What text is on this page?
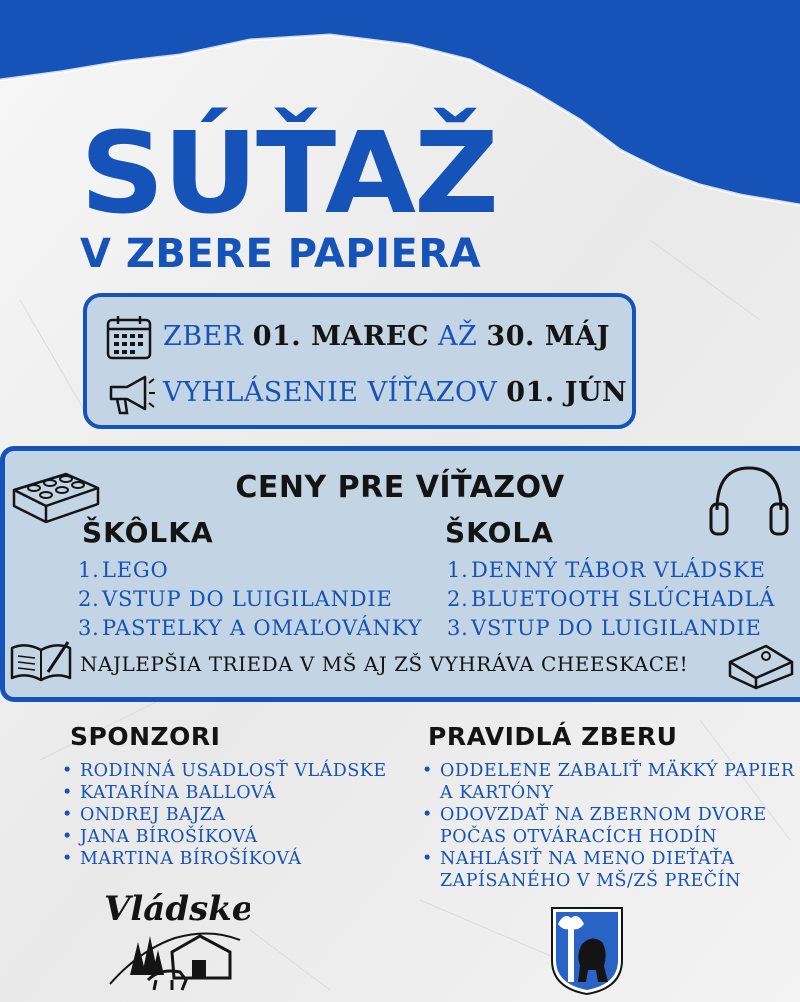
SÚŤAŽ
V ZBERE PAPIERA
ZBER 01. MAREC AŽ 30. MÁJ
VYHLÁSENIE VÍŤAZOV 01. JÚN
CENY PRE VÍŤAZOV
ŠKÔLKA	ŠKOLA
1. LEGO
2. VSTUP DO LUIGILANDIE
3. PASTELKY A OMAĽOVÁNKY
1. DENNÝ TÁBOR VLÁDSKE
2. BLUETOOTH SLÚCHADLÁ
3. VSTUP DO LUIGILANDIE
NAJLEPŠIA TRIEDA V MŠ AJ ZŠ VYHRÁVA CHEESKACE!
SPONZORI
• RODINNÁ USADLOSŤ VLÁDSKE
• KATARÍNA BALLOVÁ
• ONDREJ BAJZA
• JANA BÍROŠÍKOVÁ
• MARTINA BÍROŠÍKOVÁ
PRAVIDLÁ ZBERU
• ODDELENE ZABALIŤ MÄKKÝ PAPIER
A KARTÓNY
• ODOVZDAŤ NA ZBERNOM DVORE
POČAS OTVÁRACÍCH HODÍN
• NAHLÁSIŤ NA MENO DIEŤAŤA
ZAPÍSANÉHO V MŠ/ZŠ PREČÍN
Vládske
